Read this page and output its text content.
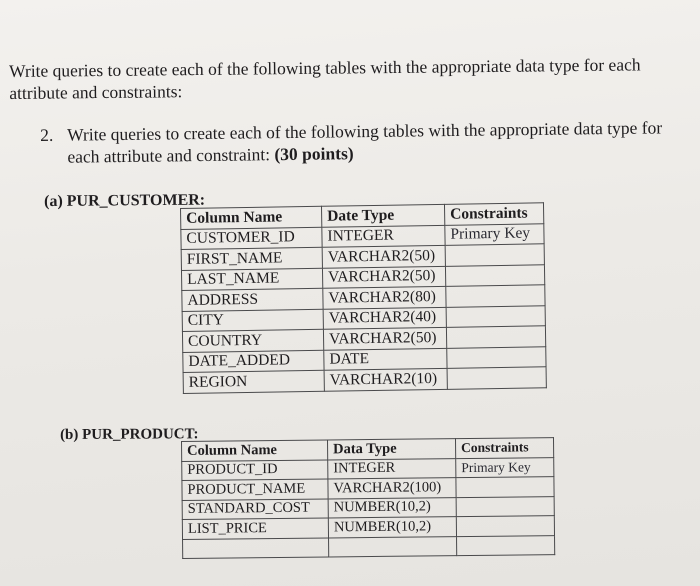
Write queries to create each of the following tables with the appropriate data type for each attribute and constraints:
2. Write queries to create each of the following tables with the appropriate data type for each attribute and constraint: (30 points)
(a) PUR_CUSTOMER:
Column Name	Date Type	Constraints
CUSTOMER_ID	INTEGER	Primary Key
FIRST_NAME	VARCHAR2(50)	
LAST_NAME	VARCHAR2(50)	
ADDRESS	VARCHAR2(80)	
CITY	VARCHAR2(40)	
COUNTRY	VARCHAR2(50)	
DATE_ADDED	DATE	
REGION	VARCHAR2(10)	
(b) PUR_PRODUCT:
Column Name	Data Type	Constraints
PRODUCT_ID	INTEGER	Primary Key
PRODUCT_NAME	VARCHAR2(100)	
STANDARD_COST	NUMBER(10,2)	
LIST_PRICE	NUMBER(10,2)	
